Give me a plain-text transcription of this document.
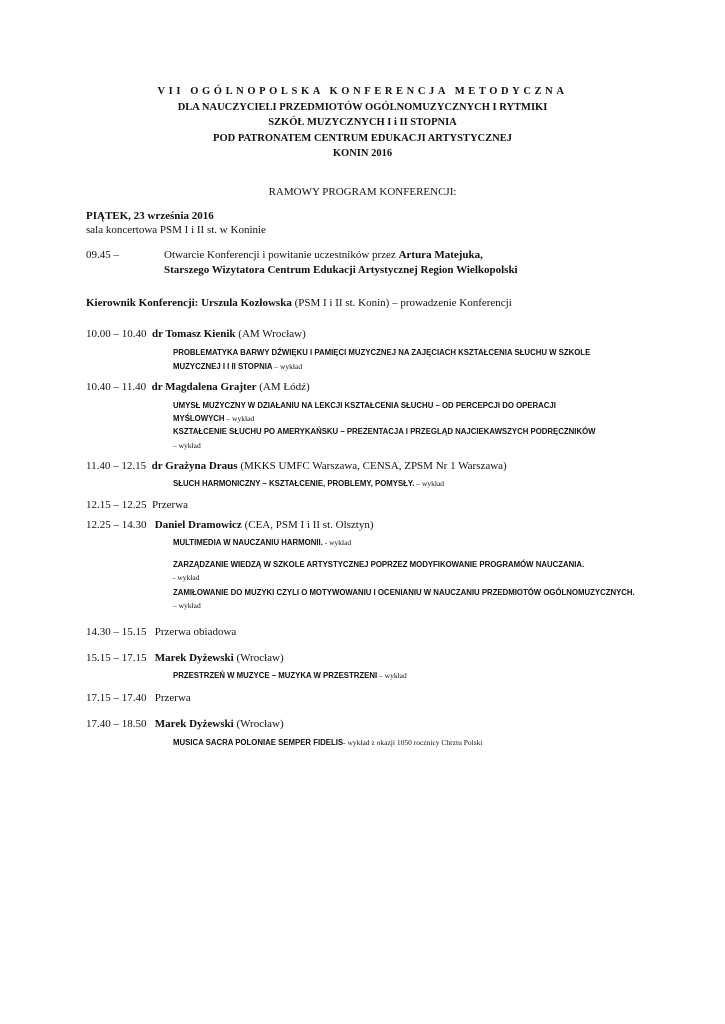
VII OGÓLNOPOLSKA KONFERENCJA METODYCZNA
DLA NAUCZYCIELI PRZEDMIOTÓW OGÓLNOMUZYCZNYCH I RYTMIKI
SZKÓŁ MUZYCZNYCH I i II STOPNIA
POD PATRONATEM CENTRUM EDUKACJI ARTYSTYCZNEJ
KONIN 2016
RAMOWY PROGRAM KONFERENCJI:
PIĄTEK, 23 września 2016
sala koncertowa PSM I i II st. w Koninie
09.45 –	Otwarcie Konferencji i powitanie uczestników przez Artura Matejuka,
Starszego Wizytatora Centrum Edukacji Artystycznej Region Wielkopolski
Kierownik Konferencji: Urszula Kozłowska (PSM I i II st. Konin) – prowadzenie Konferencji
10.00 – 10.40 dr Tomasz Kienik (AM Wrocław)
PROBLEMATYKA BARWY DŹWIĘKU I PAMIĘCI MUZYCZNEJ NA ZAJĘCIACH KSZTAŁCENIA SŁUCHU W SZKOLE
MUZYCZNEJ I I II STOPNIA – wykład
10.40 – 11.40 dr Magdalena Grajter (AM Łódź)
UMYSŁ MUZYCZNY W DZIAŁANIU NA LEKCJI KSZTAŁCENIA SŁUCHU – OD PERCEPCJI DO OPERACJI
MYŚLOWYCH – wykład
KSZTAŁCENIE SŁUCHU PO AMERYKAŃSKU – PREZENTACJA I PRZEGLĄD NAJCIEKAWSZYCH PODRĘCZNIKÓW
– wykład
11.40 – 12.15 dr Grażyna Draus (MKKS UMFC Warszawa, CENSA, ZPSM Nr 1 Warszawa)
SŁUCH HARMONICZNY – KSZTAŁCENIE, PROBLEMY, POMYSŁY. – wykład
12.15 – 12.25 Przerwa
12.25 – 14.30 Daniel Dramowicz (CEA, PSM I i II st. Olsztyn)
MULTIMEDIA W NAUCZANIU HARMONII. - wykład
ZARZĄDZANIE WIEDZĄ W SZKOLE ARTYSTYCZNEJ POPRZEZ MODYFIKOWANIE PROGRAMÓW NAUCZANIA.
- wykład
ZAMIŁOWANIE DO MUZYKI CZYLI O MOTYWOWANIU I OCENIANIU W NAUCZANIU PRZEDMIOTÓW OGÓLNOMUZYCZNYCH.
– wykład
14.30 – 15.15 Przerwa obiadowa
15.15 – 17.15 Marek Dyżewski (Wrocław)
PRZESTRZEŃ W MUZYCE – MUZYKA W PRZESTRZENI – wykład
17.15 – 17.40 Przerwa
17.40 – 18.50 Marek Dyżewski (Wrocław)
MUSICA SACRA POLONIAE SEMPER FIDELIS- wykład z okazji 1050 rocznicy Chrztu Polski
